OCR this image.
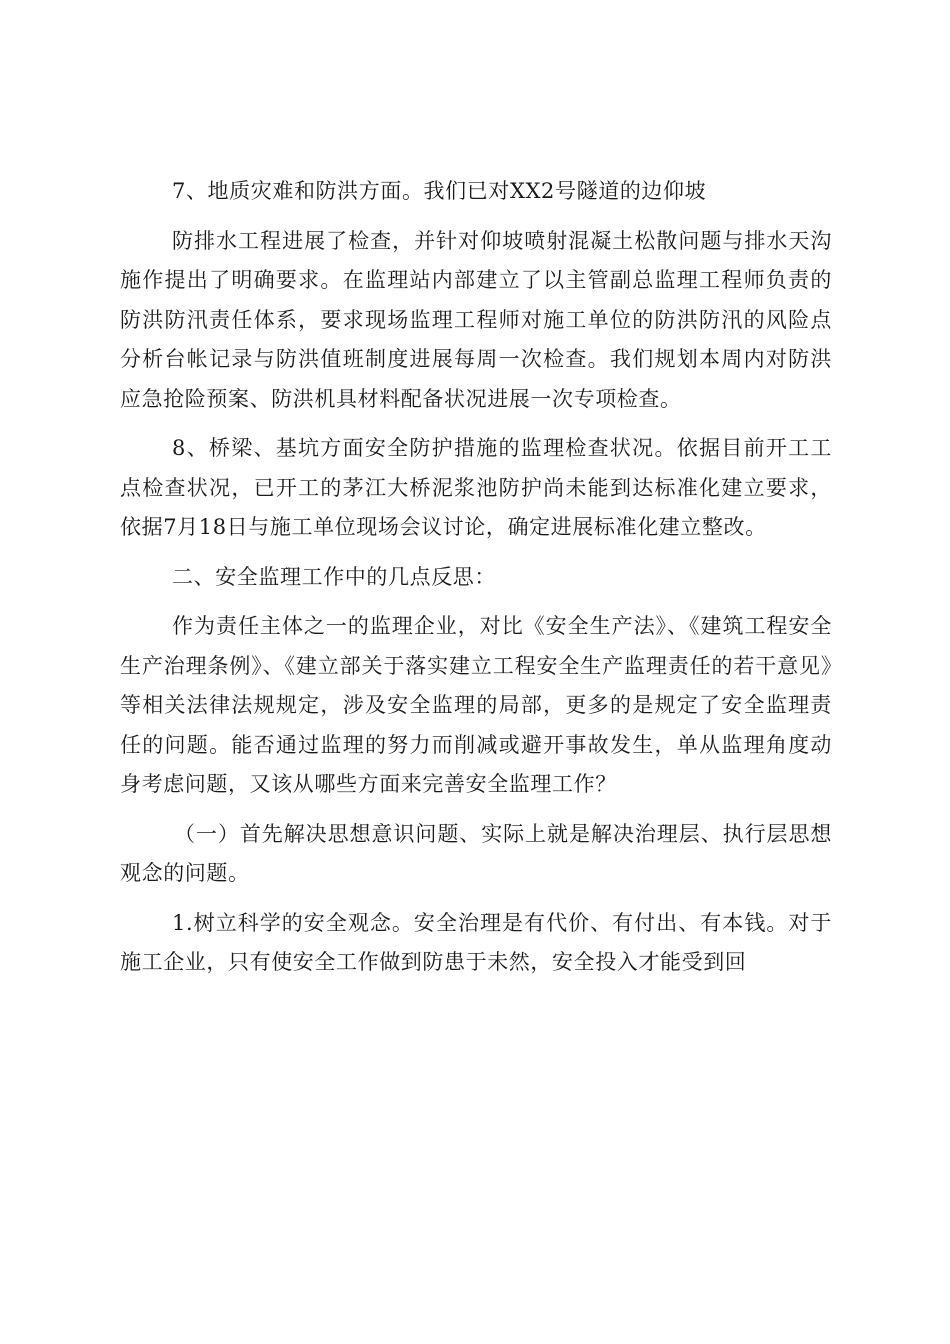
7、地质灾难和防洪方面。我们已对XX2号隧道的边仰坡

防排水工程进展了检查，并针对仰坡喷射混凝土松散问题与排水天沟施作提出了明确要求。在监理站内部建立了以主管副总监理工程师负责的防洪防汛责任体系，要求现场监理工程师对施工单位的防洪防汛的风险点分析台帐记录与防洪值班制度进展每周一次检查。我们规划本周内对防洪应急抢险预案、防洪机具材料配备状况进展一次专项检查。

8、桥梁、基坑方面安全防护措施的监理检查状况。依据目前开工工点检查状况，已开工的茅江大桥泥浆池防护尚未能到达标准化建立要求，依据7月18日与施工单位现场会议讨论，确定进展标准化建立整改。

二、安全监理工作中的几点反思：

作为责任主体之一的监理企业，对比《安全生产法》、《建筑工程安全生产治理条例》、《建立部关于落实建立工程安全生产监理责任的若干意见》等相关法律法规规定，涉及安全监理的局部，更多的是规定了安全监理责任的问题。能否通过监理的努力而削减或避开事故发生，单从监理角度动身考虑问题，又该从哪些方面来完善安全监理工作？

（一）首先解决思想意识问题、实际上就是解决治理层、执行层思想观念的问题。

1.树立科学的安全观念。安全治理是有代价、有付出、有本钱。对于施工企业，只有使安全工作做到防患于未然，安全投入才能受到回
